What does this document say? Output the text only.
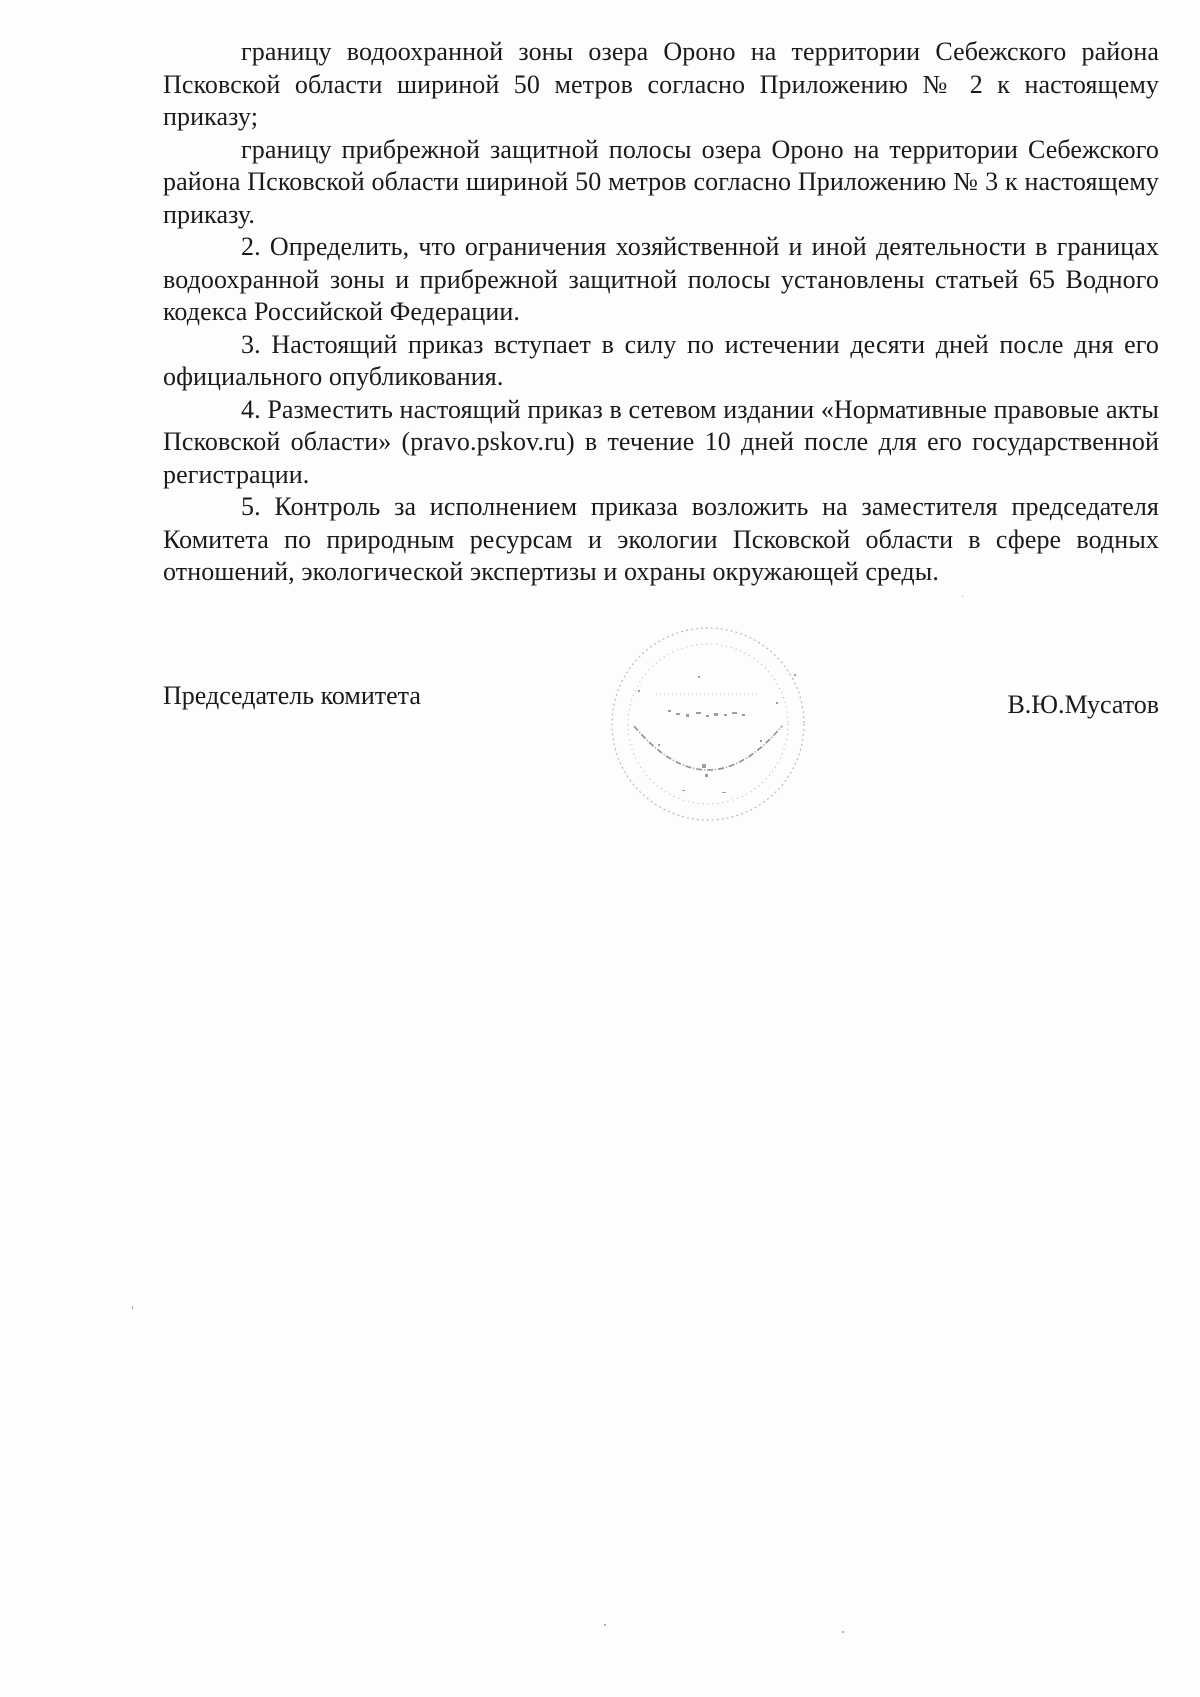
границу водоохранной зоны озера Ороно на территории Себежского района Псковской области шириной 50 метров согласно Приложению № 2 к настоящему приказу;

границу прибрежной защитной полосы озера Ороно на территории Себежского района Псковской области шириной 50 метров согласно Приложению № 3 к настоящему приказу.

2. Определить, что ограничения хозяйственной и иной деятельности в границах водоохранной зоны и прибрежной защитной полосы установлены статьей 65 Водного кодекса Российской Федерации.

3. Настоящий приказ вступает в силу по истечении десяти дней после дня его официального опубликования.

4. Разместить настоящий приказ в сетевом издании «Нормативные правовые акты Псковской области» (pravo.pskov.ru) в течение 10 дней после для его государственной регистрации.

5. Контроль за исполнением приказа возложить на заместителя председателя Комитета по природным ресурсам и экологии Псковской области в сфере водных отношений, экологической экспертизы и охраны окружающей среды.

Председатель комитета	В.Ю.Мусатов
